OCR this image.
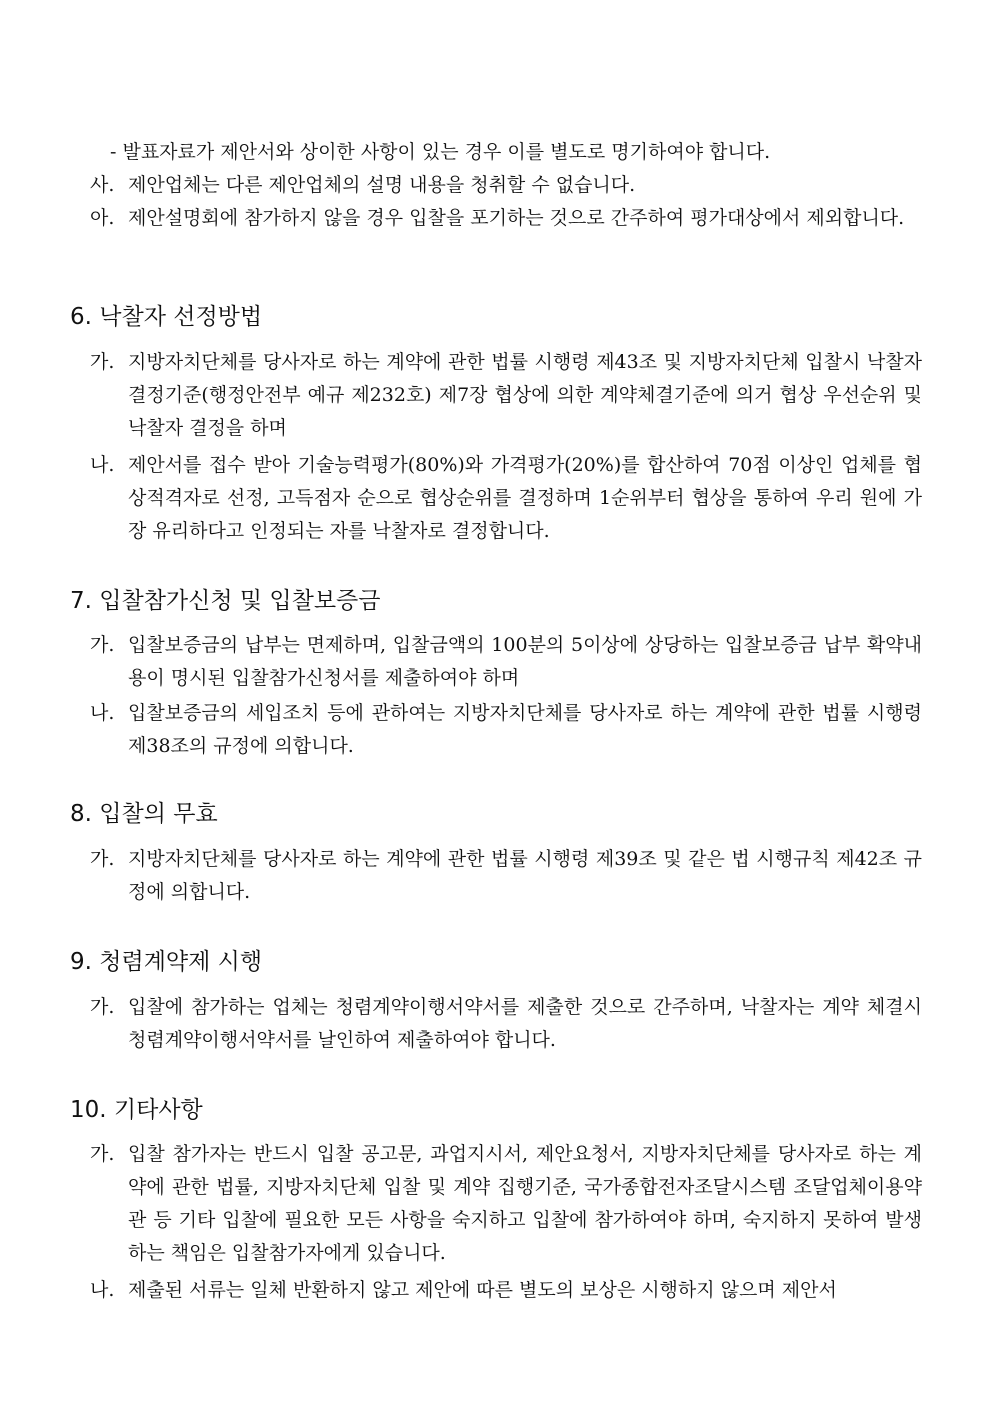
- 발표자료가 제안서와 상이한 사항이 있는 경우 이를 별도로 명기하여야 합니다.
사. 제안업체는 다른 제안업체의 설명 내용을 청취할 수 없습니다.
아. 제안설명회에 참가하지 않을 경우 입찰을 포기하는 것으로 간주하여 평가대상에서 제외합니다.
6. 낙찰자 선정방법
가. 지방자치단체를 당사자로 하는 계약에 관한 법률 시행령 제43조 및 지방자치단체 입찰시 낙찰자 결정기준(행정안전부 예규 제232호) 제7장 협상에 의한 계약체결기준에 의거 협상 우선순위 및 낙찰자 결정을 하며
나. 제안서를 접수 받아 기술능력평가(80%)와 가격평가(20%)를 합산하여 70점 이상인 업체를 협상적격자로 선정, 고득점자 순으로 협상순위를 결정하며 1순위부터 협상을 통하여 우리 원에 가장 유리하다고 인정되는 자를 낙찰자로 결정합니다.
7. 입찰참가신청 및 입찰보증금
가. 입찰보증금의 납부는 면제하며, 입찰금액의 100분의 5이상에 상당하는 입찰보증금 납부 확약내용이 명시된 입찰참가신청서를 제출하여야 하며
나. 입찰보증금의 세입조치 등에 관하여는 지방자치단체를 당사자로 하는 계약에 관한 법률 시행령 제38조의 규정에 의합니다.
8. 입찰의 무효
가. 지방자치단체를 당사자로 하는 계약에 관한 법률 시행령 제39조 및 같은 법 시행규칙 제42조 규정에 의합니다.
9. 청렴계약제 시행
가. 입찰에 참가하는 업체는 청렴계약이행서약서를 제출한 것으로 간주하며, 낙찰자는 계약 체결시 청렴계약이행서약서를 날인하여 제출하여야 합니다.
10. 기타사항
가. 입찰 참가자는 반드시 입찰 공고문, 과업지시서, 제안요청서, 지방자치단체를 당사자로 하는 계약에 관한 법률, 지방자치단체 입찰 및 계약 집행기준, 국가종합전자조달시스템 조달업체이용약관 등 기타 입찰에 필요한 모든 사항을 숙지하고 입찰에 참가하여야 하며, 숙지하지 못하여 발생하는 책임은 입찰참가자에게 있습니다.
나. 제출된 서류는 일체 반환하지 않고 제안에 따른 별도의 보상은 시행하지 않으며 제안서
